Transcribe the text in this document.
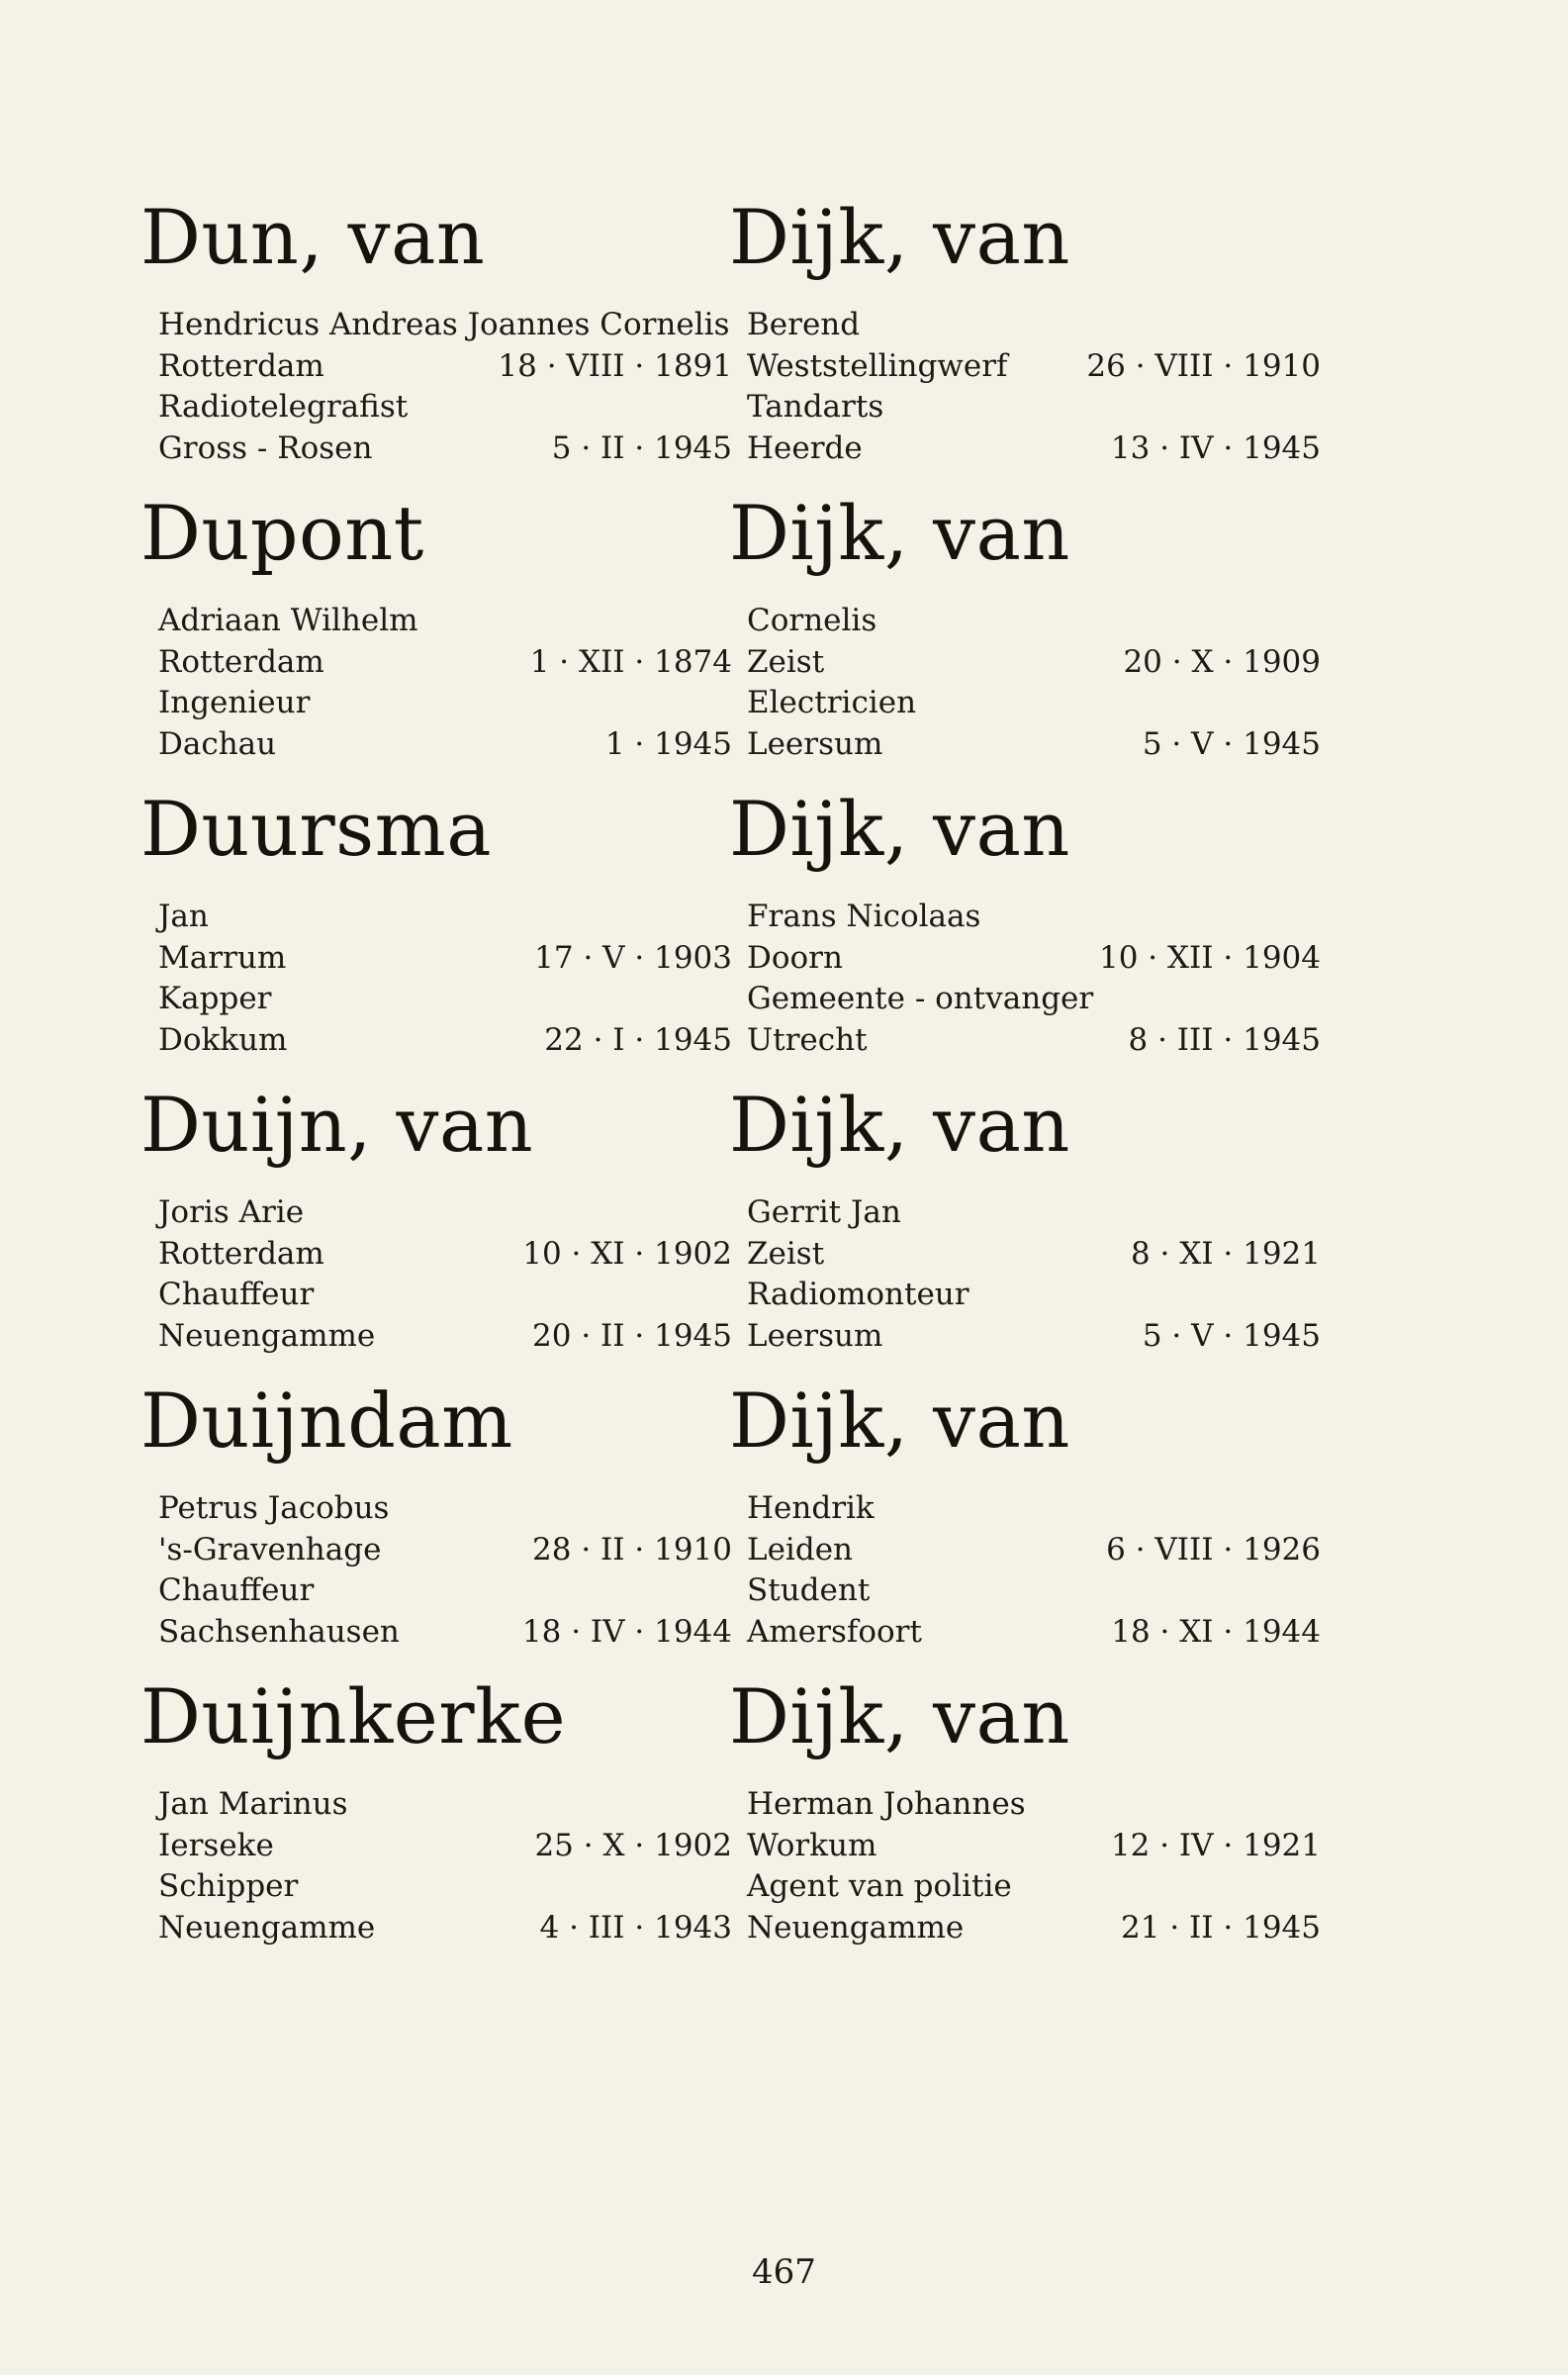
Dun, van
Hendricus Andreas Joannes Cornelis
Rotterdam	18 · VIII · 1891
Radiotelegrafist
Gross - Rosen	5 · II · 1945
Dupont
Adriaan Wilhelm
Rotterdam	1 · XII · 1874
Ingenieur
Dachau	1 · 1945
Duursma
Jan
Marrum	17 · V · 1903
Kapper
Dokkum	22 · I · 1945
Duijn, van
Joris Arie
Rotterdam	10 · XI · 1902
Chauffeur
Neuengamme	20 · II · 1945
Duijndam
Petrus Jacobus
's-Gravenhage	28 · II · 1910
Chauffeur
Sachsenhausen	18 · IV · 1944
Duijnkerke
Jan Marinus
Ierseke	25 · X · 1902
Schipper
Neuengamme	4 · III · 1943
Dijk, van
Berend
Weststellingwerf	26 · VIII · 1910
Tandarts
Heerde	13 · IV · 1945
Dijk, van
Cornelis
Zeist	20 · X · 1909
Electricien
Leersum	5 · V · 1945
Dijk, van
Frans Nicolaas
Doorn	10 · XII · 1904
Gemeente - ontvanger
Utrecht	8 · III · 1945
Dijk, van
Gerrit Jan
Zeist	8 · XI · 1921
Radiomonteur
Leersum	5 · V · 1945
Dijk, van
Hendrik
Leiden	6 · VIII · 1926
Student
Amersfoort	18 · XI · 1944
Dijk, van
Herman Johannes
Workum	12 · IV · 1921
Agent van politie
Neuengamme	21 · II · 1945
467
